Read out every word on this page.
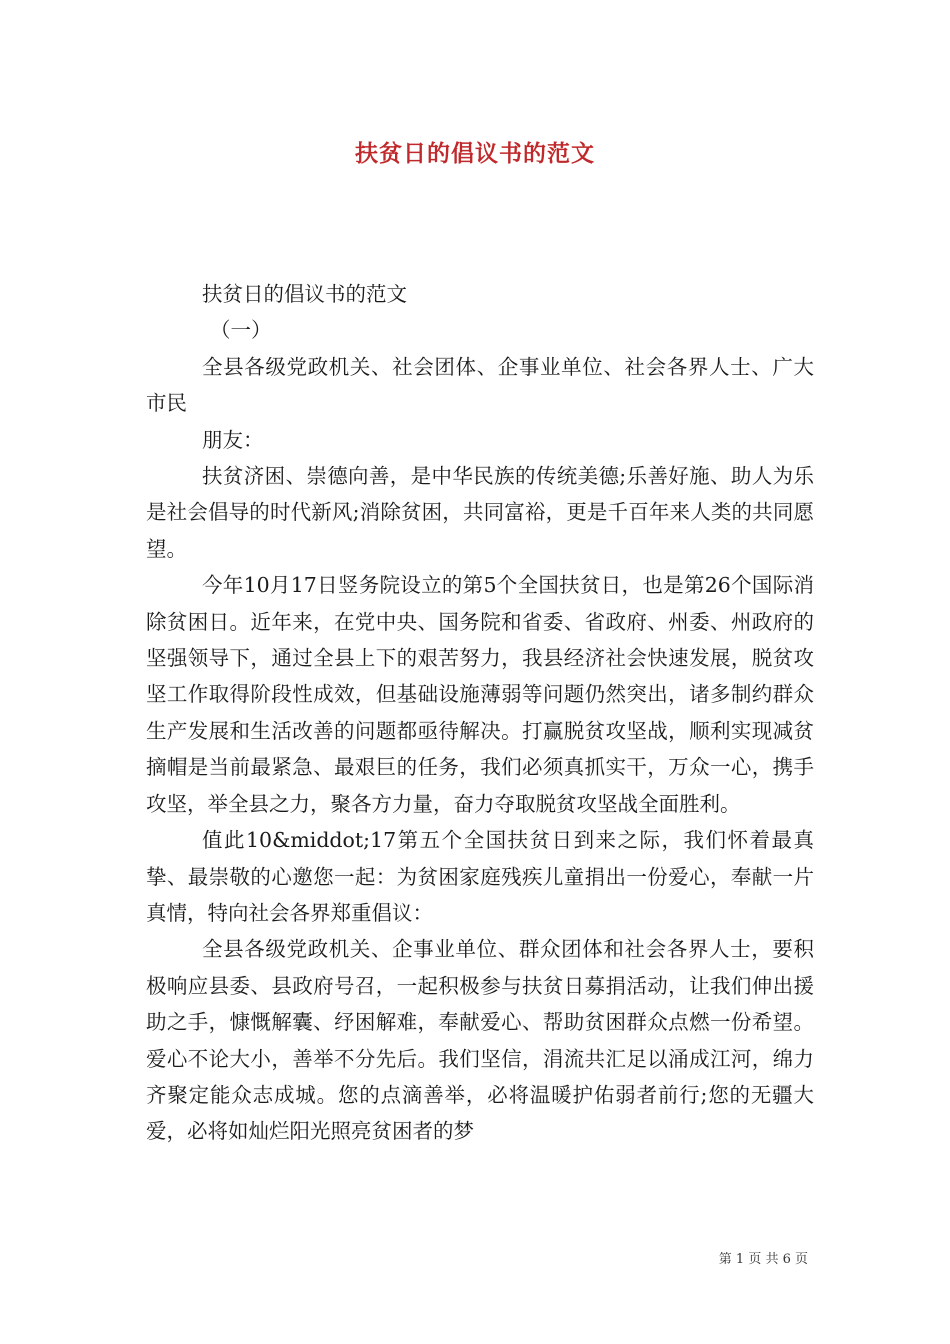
扶贫日的倡议书的范文

扶贫日的倡议书的范文

（一）

全县各级党政机关、社会团体、企事业单位、社会各界人士、广大市民

朋友：

扶贫济困、崇德向善，是中华民族的传统美德;乐善好施、助人为乐是社会倡导的时代新风;消除贫困，共同富裕，更是千百年来人类的共同愿望。

今年10月17日竖务院设立的第5个全国扶贫日，也是第26个国际消除贫困日。近年来，在党中央、国务院和省委、省政府、州委、州政府的坚强领导下，通过全县上下的艰苦努力，我县经济社会快速发展，脱贫攻坚工作取得阶段性成效，但基础设施薄弱等问题仍然突出，诸多制约群众生产发展和生活改善的问题都亟待解决。打赢脱贫攻坚战，顺利实现减贫摘帽是当前最紧急、最艰巨的任务，我们必须真抓实干，万众一心，携手攻坚，举全县之力，聚各方力量，奋力夺取脱贫攻坚战全面胜利。

值此10&middot;17第五个全国扶贫日到来之际，我们怀着最真挚、最崇敬的心邀您一起：为贫困家庭残疾儿童捐出一份爱心，奉献一片真情，特向社会各界郑重倡议：

全县各级党政机关、企事业单位、群众团体和社会各界人士，要积极响应县委、县政府号召，一起积极参与扶贫日募捐活动，让我们伸出援助之手，慷慨解囊、纾困解难，奉献爱心、帮助贫困群众点燃一份希望。爱心不论大小，善举不分先后。我们坚信，涓流共汇足以涌成江河，绵力齐聚定能众志成城。您的点滴善举，必将温暖护佑弱者前行;您的无疆大爱，必将如灿烂阳光照亮贫困者的梦

第 1 页 共 6 页
